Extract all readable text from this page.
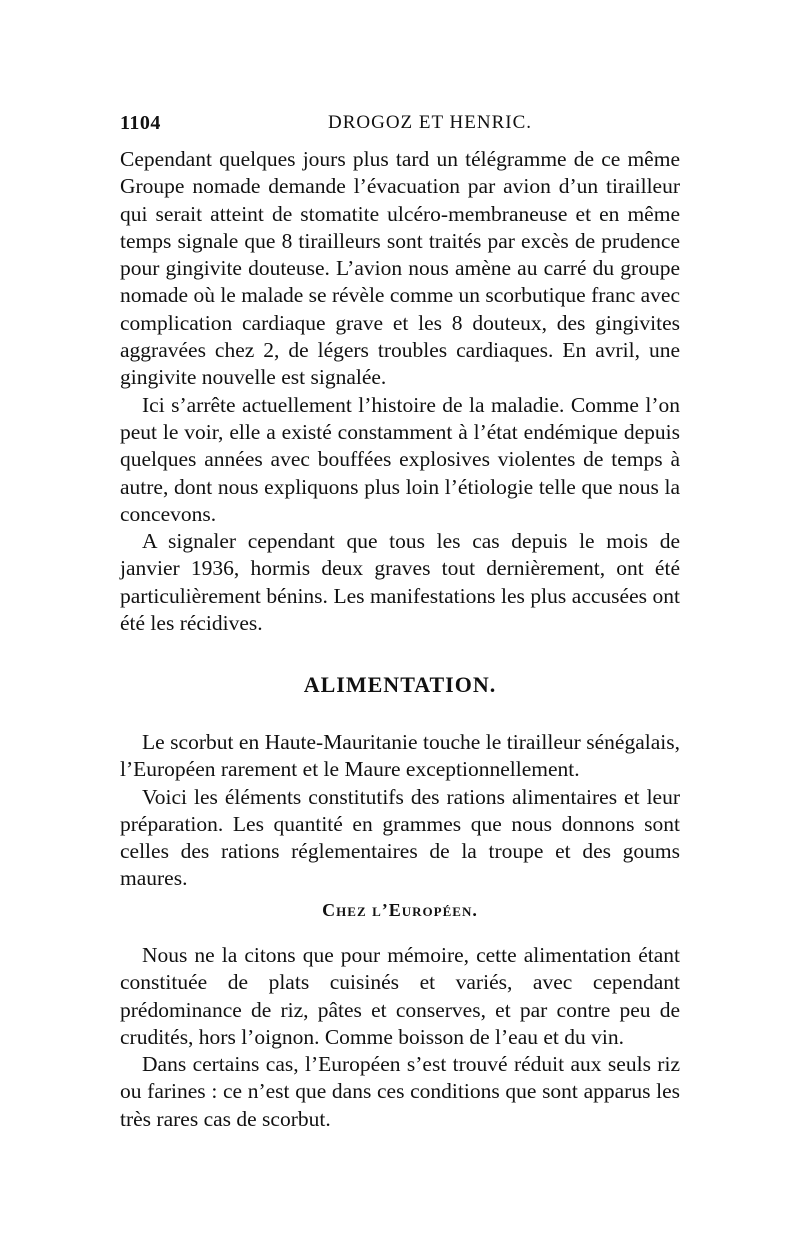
1104	DROGOZ ET HENRIC.

Cependant quelques jours plus tard un télégramme de ce même Groupe nomade demande l’évacuation par avion d’un tirailleur qui serait atteint de stomatite ulcéro-membraneuse et en même temps signale que 8 tirailleurs sont traités par excès de prudence pour gingivite douteuse. L’avion nous amène au carré du groupe nomade où le malade se révèle comme un scorbutique franc avec complication cardiaque grave et les 8 douteux, des gingivites aggravées chez 2, de légers troubles cardiaques. En avril, une gingivite nouvelle est signalée.

Ici s’arrête actuellement l’histoire de la maladie. Comme l’on peut le voir, elle a existé constamment à l’état endémique depuis quelques années avec bouffées explosives violentes de temps à autre, dont nous expliquons plus loin l’étiologie telle que nous la concevons.

A signaler cependant que tous les cas depuis le mois de janvier 1936, hormis deux graves tout dernièrement, ont été particulièrement bénins. Les manifestations les plus accusées ont été les récidives.

ALIMENTATION.

Le scorbut en Haute-Mauritanie touche le tirailleur sénégalais, l’Européen rarement et le Maure exceptionnellement.

Voici les éléments constitutifs des rations alimentaires et leur préparation. Les quantité en grammes que nous donnons sont celles des rations réglementaires de la troupe et des goums maures.

Chez l’Européen.

Nous ne la citons que pour mémoire, cette alimentation étant constituée de plats cuisinés et variés, avec cependant prédominance de riz, pâtes et conserves, et par contre peu de crudités, hors l’oignon. Comme boisson de l’eau et du vin.

Dans certains cas, l’Européen s’est trouvé réduit aux seuls riz ou farines : ce n’est que dans ces conditions que sont apparus les très rares cas de scorbut.
